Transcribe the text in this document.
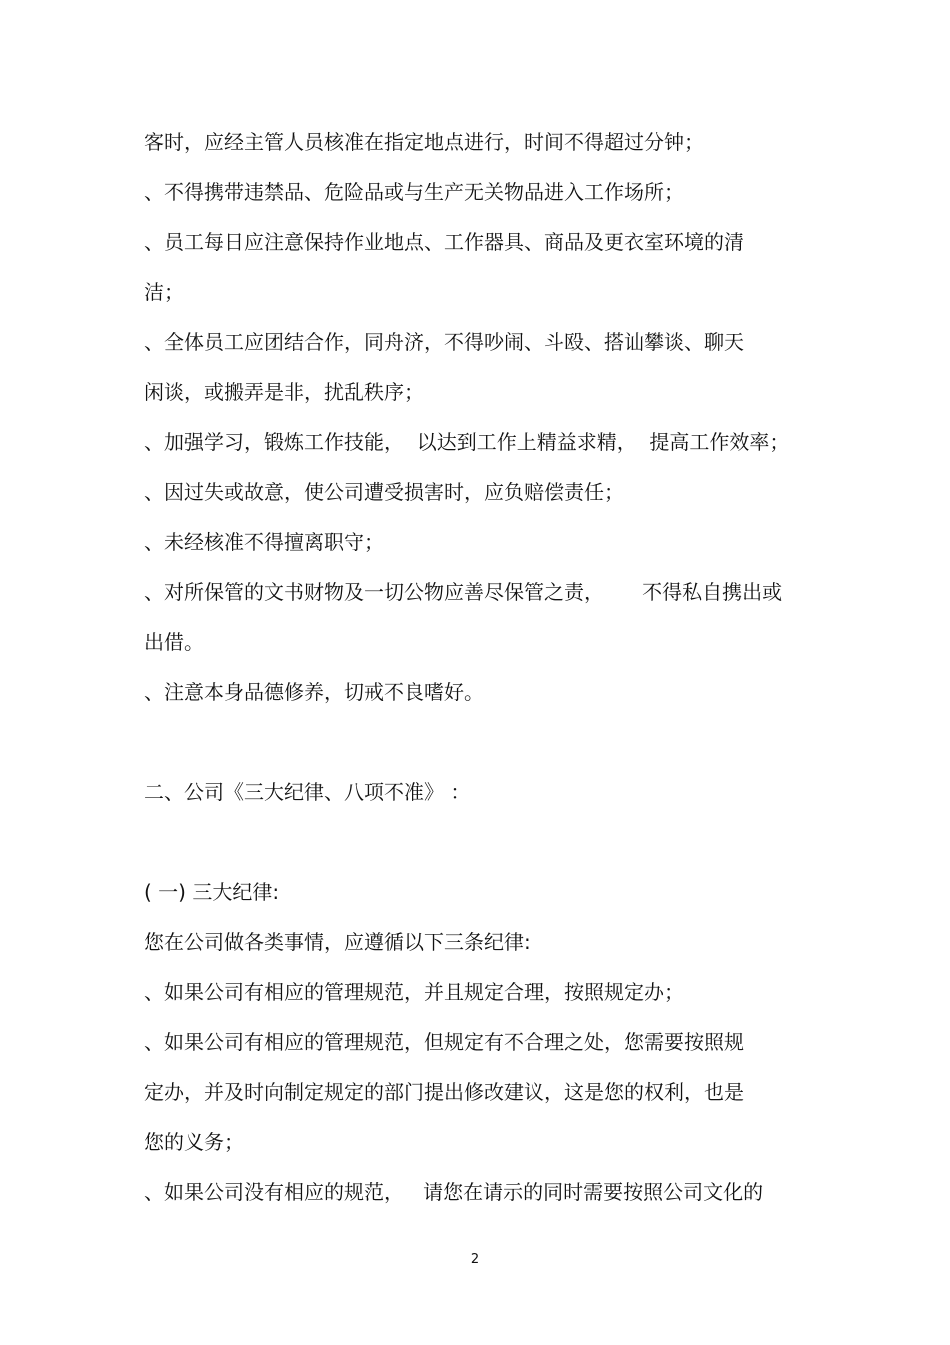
客时，应经主管人员核准在指定地点进行，时间不得超过分钟；
、不得携带违禁品、危险品或与生产无关物品进入工作场所；
、员工每日应注意保持作业地点、工作器具、商品及更衣室环境的清
洁；
、全体员工应团结合作，同舟济，不得吵闹、斗殴、搭讪攀谈、聊天
闲谈，或搬弄是非，扰乱秩序；
、加强学习，锻炼工作技能，  以达到工作上精益求精，  提高工作效率；
、因过失或故意，使公司遭受损害时，应负赔偿责任；
、未经核准不得擅离职守；
、对所保管的文书财物及一切公物应善尽保管之责，      不得私自携出或
出借。
、注意本身品德修养，切戒不良嗜好。
二、公司《三大纪律、八项不准》 ：
( 一) 三大纪律:
您在公司做各类事情，应遵循以下三条纪律:
、如果公司有相应的管理规范，并且规定合理，按照规定办；
、如果公司有相应的管理规范，但规定有不合理之处，您需要按照规
定办，并及时向制定规定的部门提出修改建议，这是您的权利，也是
您的义务；
、如果公司没有相应的规范，   请您在请示的同时需要按照公司文化的
2
